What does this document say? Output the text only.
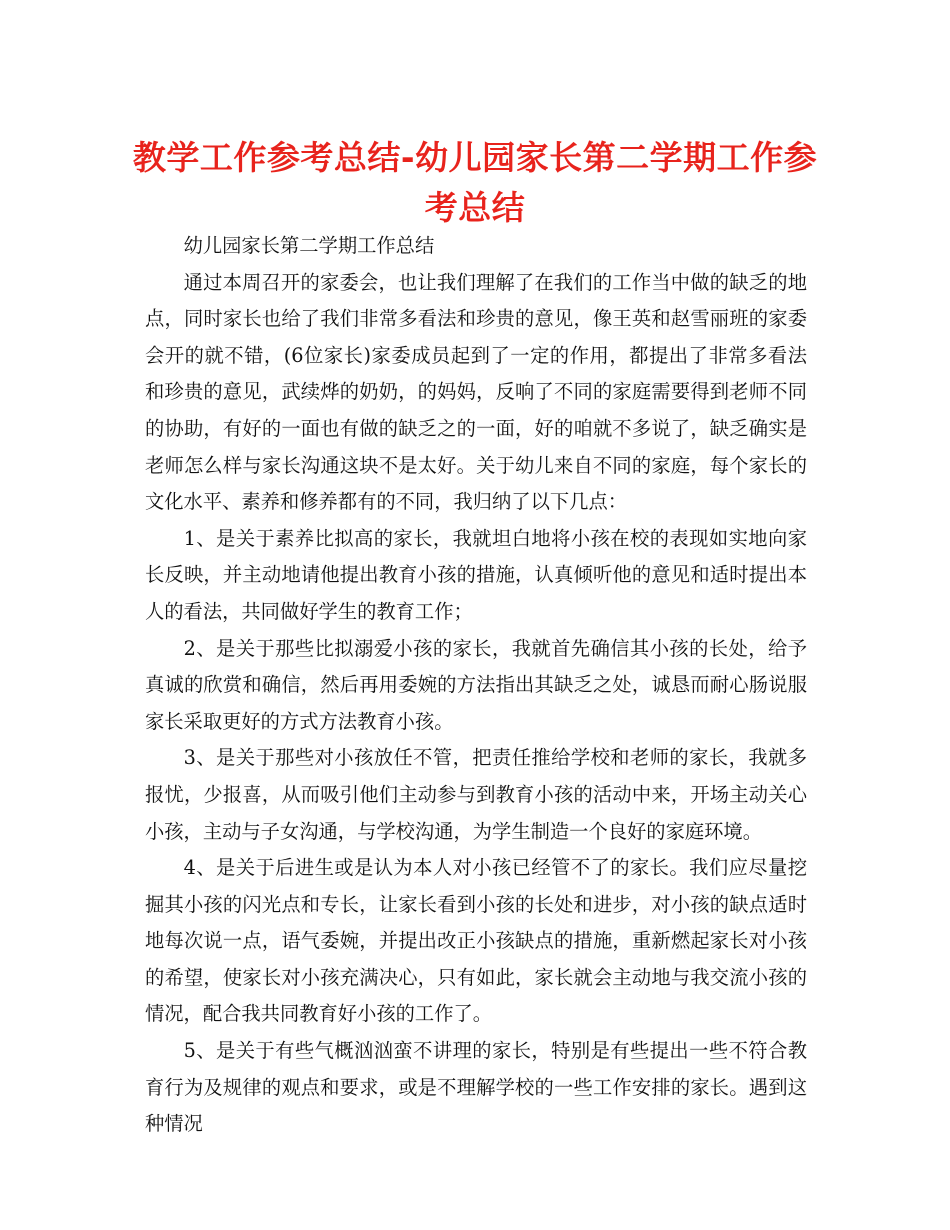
教学工作参考总结-幼儿园家长第二学期工作参考总结

幼儿园家长第二学期工作总结

通过本周召开的家委会，也让我们理解了在我们的工作当中做的缺乏的地点，同时家长也给了我们非常多看法和珍贵的意见，像王英和赵雪丽班的家委会开的就不错，(6位家长)家委成员起到了一定的作用，都提出了非常多看法和珍贵的意见，武续烨的奶奶，的妈妈，反响了不同的家庭需要得到老师不同的协助，有好的一面也有做的缺乏之的一面，好的咱就不多说了，缺乏确实是老师怎么样与家长沟通这块不是太好。关于幼儿来自不同的家庭，每个家长的文化水平、素养和修养都有的不同，我归纳了以下几点：

1、是关于素养比拟高的家长，我就坦白地将小孩在校的表现如实地向家长反映，并主动地请他提出教育小孩的措施，认真倾听他的意见和适时提出本人的看法，共同做好学生的教育工作；

2、是关于那些比拟溺爱小孩的家长，我就首先确信其小孩的长处，给予真诚的欣赏和确信，然后再用委婉的方法指出其缺乏之处，诚恳而耐心肠说服家长采取更好的方式方法教育小孩。

3、是关于那些对小孩放任不管，把责任推给学校和老师的家长，我就多报忧，少报喜，从而吸引他们主动参与到教育小孩的活动中来，开场主动关心小孩，主动与子女沟通，与学校沟通，为学生制造一个良好的家庭环境。

4、是关于后进生或是认为本人对小孩已经管不了的家长。我们应尽量挖掘其小孩的闪光点和专长，让家长看到小孩的长处和进步，对小孩的缺点适时地每次说一点，语气委婉，并提出改正小孩缺点的措施，重新燃起家长对小孩的希望，使家长对小孩充满决心，只有如此，家长就会主动地与我交流小孩的情况，配合我共同教育好小孩的工作了。

5、是关于有些气概汹汹蛮不讲理的家长，特别是有些提出一些不符合教育行为及规律的观点和要求，或是不理解学校的一些工作安排的家长。遇到这种情况
